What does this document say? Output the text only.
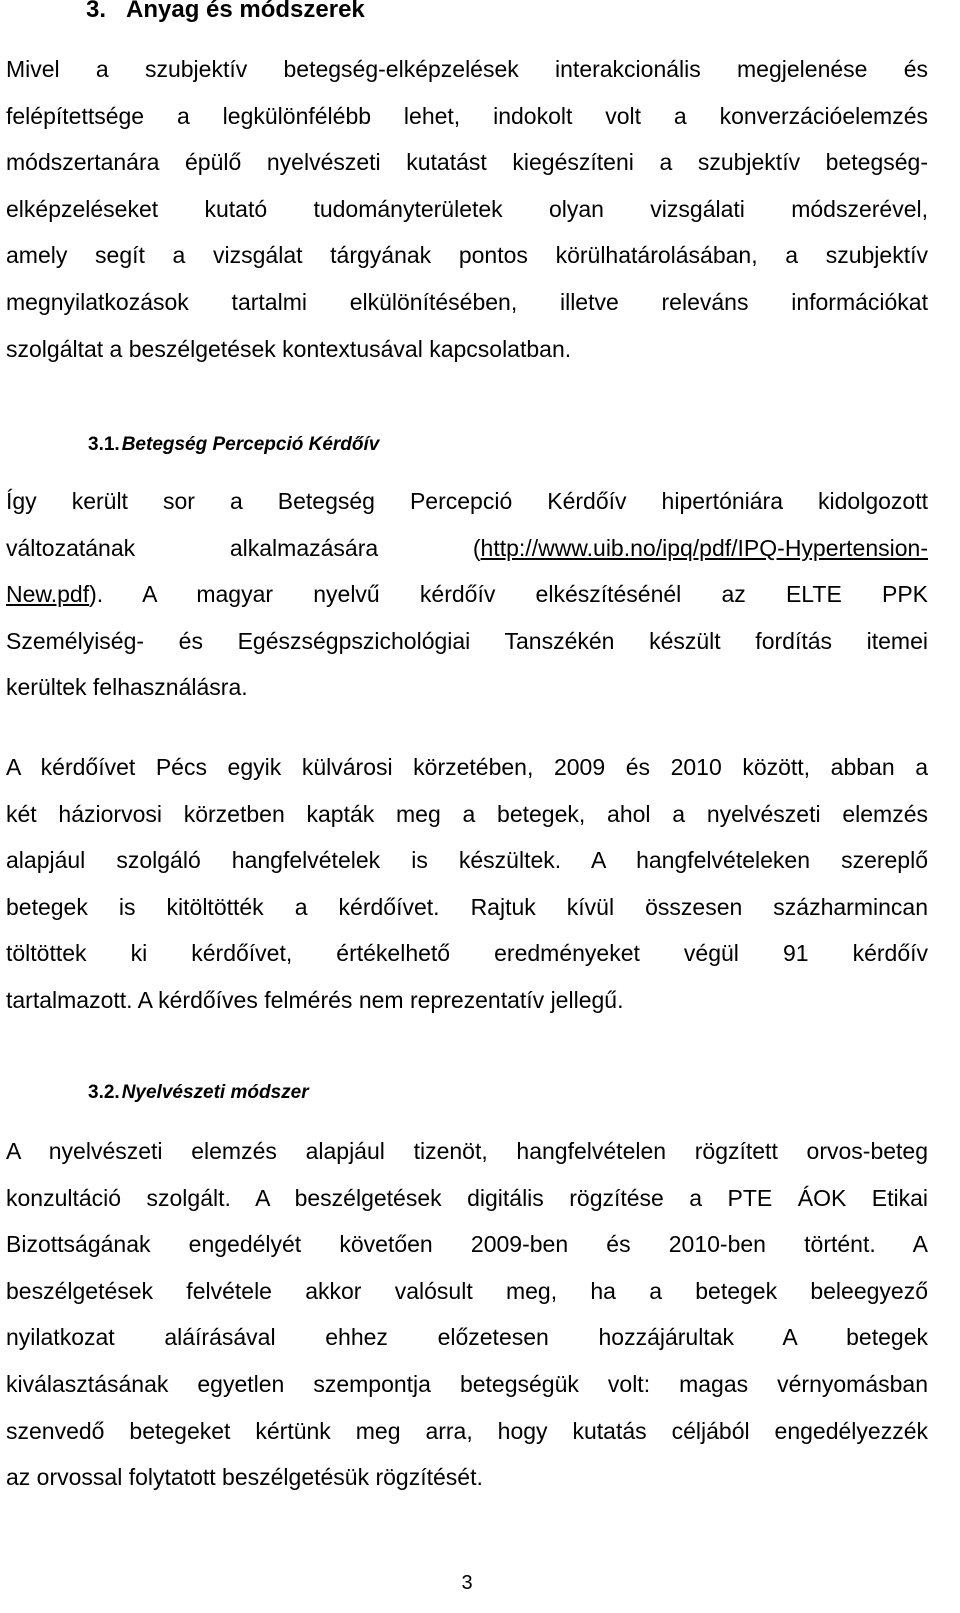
3. Anyag és módszerek
Mivel a szubjektív betegség-elképzelések interakcionális megjelenése és
felépítettsége a legkülönfélébb lehet, indokolt volt a konverzációelemzés
módszertanára épülő nyelvészeti kutatást kiegészíteni a szubjektív betegség-
elképzeléseket kutató tudományterületek olyan vizsgálati módszerével,
amely segít a vizsgálat tárgyának pontos körülhatárolásában, a szubjektív
megnyilatkozások tartalmi elkülönítésében, illetve releváns információkat
szolgáltat a beszélgetések kontextusával kapcsolatban.
3.1. Betegség Percepció Kérdőív
Így került sor a Betegség Percepció Kérdőív hipertóniára kidolgozott
változatának alkalmazására (http://www.uib.no/ipq/pdf/IPQ-Hypertension-
New.pdf). A magyar nyelvű kérdőív elkészítésénél az ELTE PPK
Személyiség- és Egészségpszichológiai Tanszékén készült fordítás itemei
kerültek felhasználásra.
A kérdőívet Pécs egyik külvárosi körzetében, 2009 és 2010 között, abban a
két háziorvosi körzetben kapták meg a betegek, ahol a nyelvészeti elemzés
alapjául szolgáló hangfelvételek is készültek. A hangfelvételeken szereplő
betegek is kitöltötték a kérdőívet. Rajtuk kívül összesen százharmincan
töltöttek ki kérdőívet, értékelhető eredményeket végül 91 kérdőív
tartalmazott. A kérdőíves felmérés nem reprezentatív jellegű.
3.2. Nyelvészeti módszer
A nyelvészeti elemzés alapjául tizenöt, hangfelvételen rögzített orvos-beteg
konzultáció szolgált. A beszélgetések digitális rögzítése a PTE ÁOK Etikai
Bizottságának engedélyét követően 2009-ben és 2010-ben történt. A
beszélgetések felvétele akkor valósult meg, ha a betegek beleegyező
nyilatkozat aláírásával ehhez előzetesen hozzájárultak A betegek
kiválasztásának egyetlen szempontja betegségük volt: magas vérnyomásban
szenvedő betegeket kértünk meg arra, hogy kutatás céljából engedélyezzék
az orvossal folytatott beszélgetésük rögzítését.
3
